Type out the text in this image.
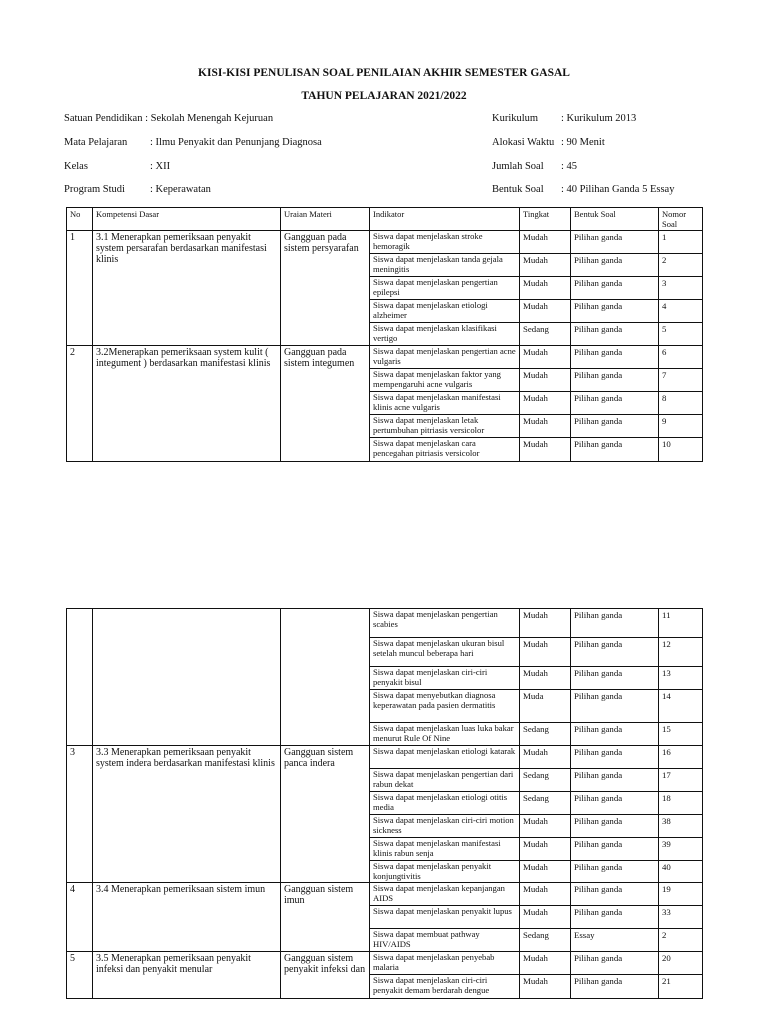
KISI-KISI PENULISAN SOAL PENILAIAN AKHIR SEMESTER GASAL
TAHUN PELAJARAN 2021/2022
Satuan Pendidikan : Sekolah Menengah Kejuruan
Mata Pelajaran : Ilmu Penyakit dan Penunjang Diagnosa
Kelas	: XII
Program Studi : Keperawatan
Kurikulum : Kurikulum 2013
Alokasi Waktu : 90 Menit
Jumlah Soal : 45
Bentuk Soal : 40 Pilihan Ganda 5 Essay
No	Kompetensi Dasar	Uraian Materi	Indikator	Tingkat	Bentuk Soal	Nomor Soal
1	3.1 Menerapkan pemeriksaan penyakit system persarafan berdasarkan manifestasi klinis	Gangguan pada sistem persyarafan	Siswa dapat menjelaskan stroke hemoragik	Mudah	Pilihan ganda	1
			Siswa dapat menjelaskan tanda gejala meningitis	Mudah	Pilihan ganda	2
			Siswa dapat menjelaskan pengertian epilepsi	Mudah	Pilihan ganda	3
			Siswa dapat menjelaskan etiologi alzheimer	Mudah	Pilihan ganda	4
			Siswa dapat menjelaskan klasifikasi vertigo	Sedang	Pilihan ganda	5
2	3.2Menerapkan pemeriksaan system kulit ( integument ) berdasarkan manifestasi klinis	Gangguan pada sistem integumen	Siswa dapat menjelaskan pengertian acne vulgaris	Mudah	Pilihan ganda	6
			Siswa dapat menjelaskan faktor yang mempengaruhi acne vulgaris	Mudah	Pilihan ganda	7
			Siswa dapat menjelaskan manifestasi klinis acne vulgaris	Mudah	Pilihan ganda	8
			Siswa dapat menjelaskan letak pertumbuhan pitriasis versicolor	Mudah	Pilihan ganda	9
			Siswa dapat menjelaskan cara pencegahan pitriasis versicolor	Mudah	Pilihan ganda	10
			Siswa dapat menjelaskan pengertian scabies	Mudah	Pilihan ganda	11
			Siswa dapat menjelaskan ukuran bisul setelah muncul beberapa hari	Mudah	Pilihan ganda	12
			Siswa dapat menjelaskan ciri-ciri penyakit bisul	Mudah	Pilihan ganda	13
			Siswa dapat menyebutkan diagnosa keperawatan pada pasien dermatitis	Muda	Pilihan ganda	14
			Siswa dapat menjelaskan luas luka bakar menurut Rule Of Nine	Sedang	Pilihan ganda	15
3	3.3 Menerapkan pemeriksaan penyakit system indera berdasarkan manifestasi klinis	Gangguan sistem panca indera	Siswa dapat menjelaskan etiologi katarak	Mudah	Pilihan ganda	16
			Siswa dapat menjelaskan pengertian dari rabun dekat	Sedang	Pilihan ganda	17
			Siswa dapat menjelaskan etiologi otitis media	Sedang	Pilihan ganda	18
			Siswa dapat menjelaskan ciri-ciri motion sickness	Mudah	Pilihan ganda	38
			Siswa dapat menjelaskan manifestasi klinis rabun senja	Mudah	Pilihan ganda	39
			Siswa dapat menjelaskan penyakit konjungtivitis	Mudah	Pilihan ganda	40
4	3.4 Menerapkan pemeriksaan sistem imun	Gangguan sistem imun	Siswa dapat menjelaskan kepanjangan AIDS	Mudah	Pilihan ganda	19
			Siswa dapat menjelaskan penyakit lupus	Mudah	Pilihan ganda	33
			Siswa dapat membuat pathway HIV/AIDS	Sedang	Essay	2
5	3.5 Menerapkan pemeriksaan penyakit infeksi dan penyakit menular	Gangguan sistem penyakit infeksi dan	Siswa dapat menjelaskan penyebab malaria	Mudah	Pilihan ganda	20
			Siswa dapat menjelaskan ciri-ciri penyakit demam berdarah dengue	Mudah	Pilihan ganda	21
